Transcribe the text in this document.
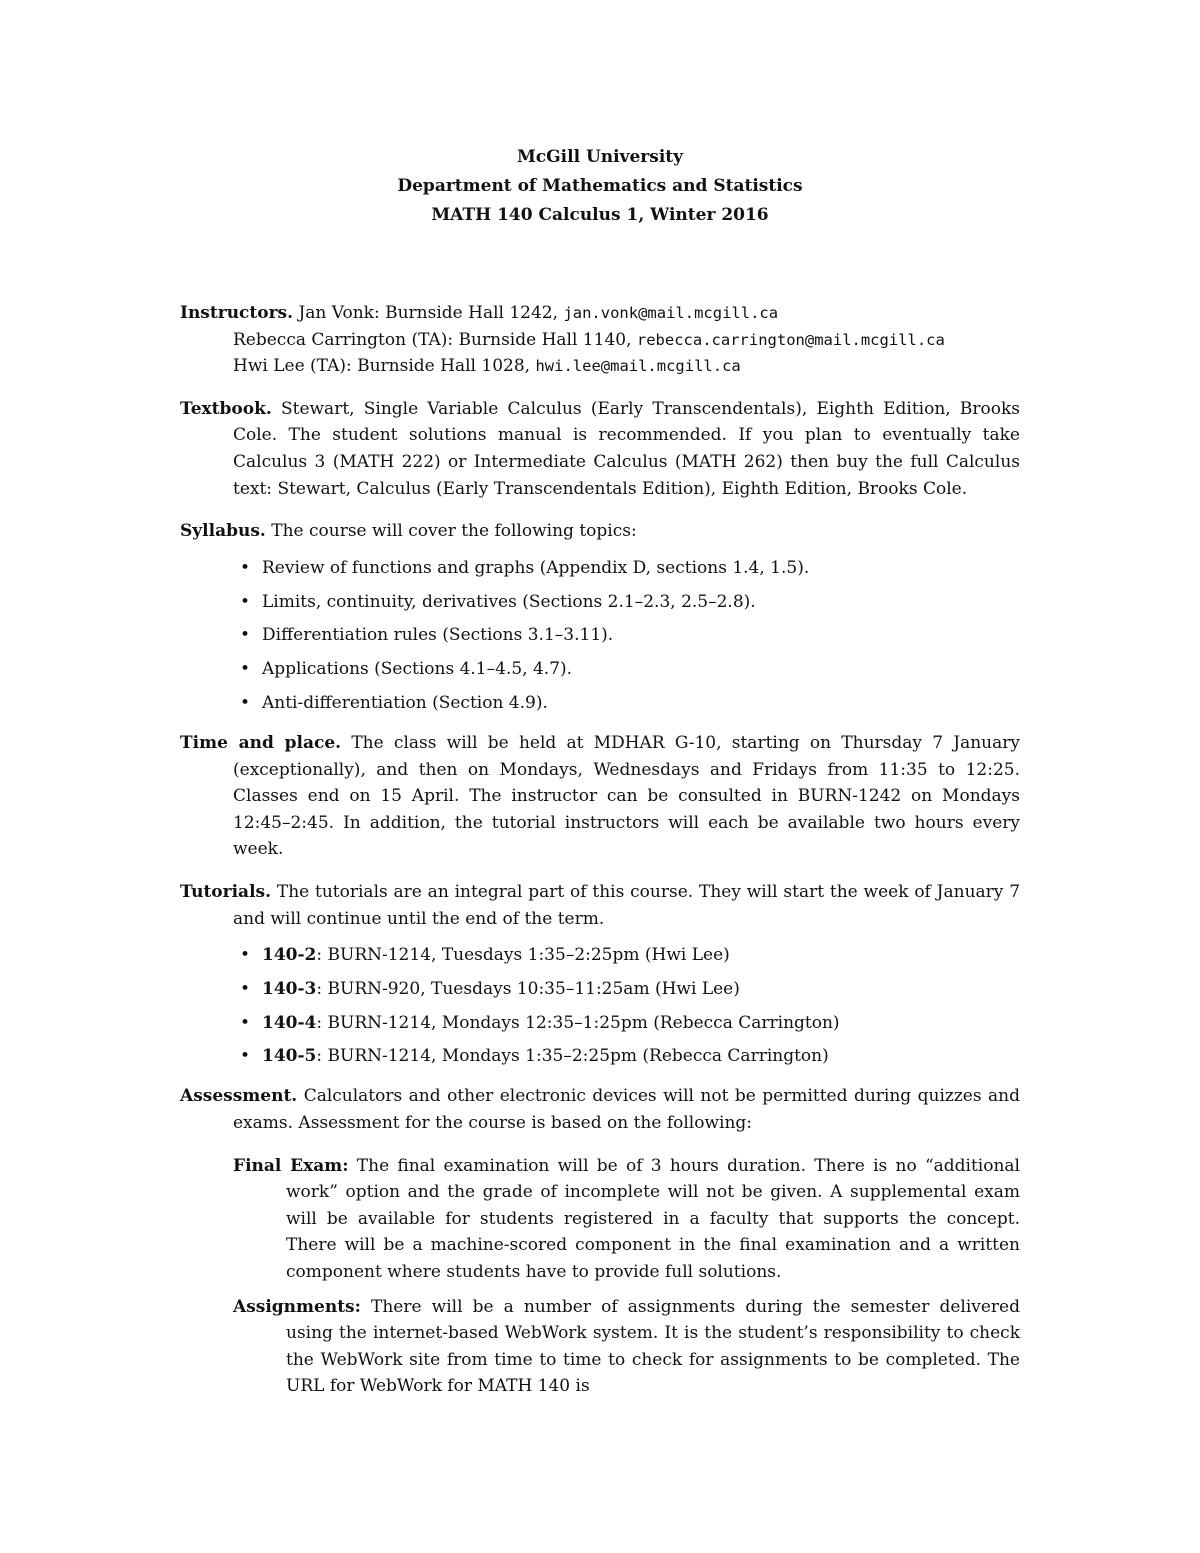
McGill University
Department of Mathematics and Statistics
MATH 140 Calculus 1, Winter 2016
Instructors. Jan Vonk: Burnside Hall 1242, jan.vonk@mail.mcgill.ca
Rebecca Carrington (TA): Burnside Hall 1140, rebecca.carrington@mail.mcgill.ca
Hwi Lee (TA): Burnside Hall 1028, hwi.lee@mail.mcgill.ca
Textbook. Stewart, Single Variable Calculus (Early Transcendentals), Eighth Edition, Brooks Cole. The student solutions manual is recommended. If you plan to eventually take Calculus 3 (MATH 222) or Intermediate Calculus (MATH 262) then buy the full Calculus text: Stewart, Calculus (Early Transcendentals Edition), Eighth Edition, Brooks Cole.
Syllabus. The course will cover the following topics:
• Review of functions and graphs (Appendix D, sections 1.4, 1.5).
• Limits, continuity, derivatives (Sections 2.1–2.3, 2.5–2.8).
• Differentiation rules (Sections 3.1–3.11).
• Applications (Sections 4.1–4.5, 4.7).
• Anti-differentiation (Section 4.9).
Time and place. The class will be held at MDHAR G-10, starting on Thursday 7 January (exceptionally), and then on Mondays, Wednesdays and Fridays from 11:35 to 12:25. Classes end on 15 April. The instructor can be consulted in BURN-1242 on Mondays 12:45–2:45. In addition, the tutorial instructors will each be available two hours every week.
Tutorials. The tutorials are an integral part of this course. They will start the week of January 7 and will continue until the end of the term.
• 140-2: BURN-1214, Tuesdays 1:35–2:25pm (Hwi Lee)
• 140-3: BURN-920, Tuesdays 10:35–11:25am (Hwi Lee)
• 140-4: BURN-1214, Mondays 12:35–1:25pm (Rebecca Carrington)
• 140-5: BURN-1214, Mondays 1:35–2:25pm (Rebecca Carrington)
Assessment. Calculators and other electronic devices will not be permitted during quizzes and exams. Assessment for the course is based on the following:
Final Exam: The final examination will be of 3 hours duration. There is no “additional work” option and the grade of incomplete will not be given. A supplemental exam will be available for students registered in a faculty that supports the concept. There will be a machine-scored component in the final examination and a written component where students have to provide full solutions.
Assignments: There will be a number of assignments during the semester delivered using the internet-based WebWork system. It is the student’s responsibility to check the WebWork site from time to time to check for assignments to be completed. The URL for WebWork for MATH 140 is
